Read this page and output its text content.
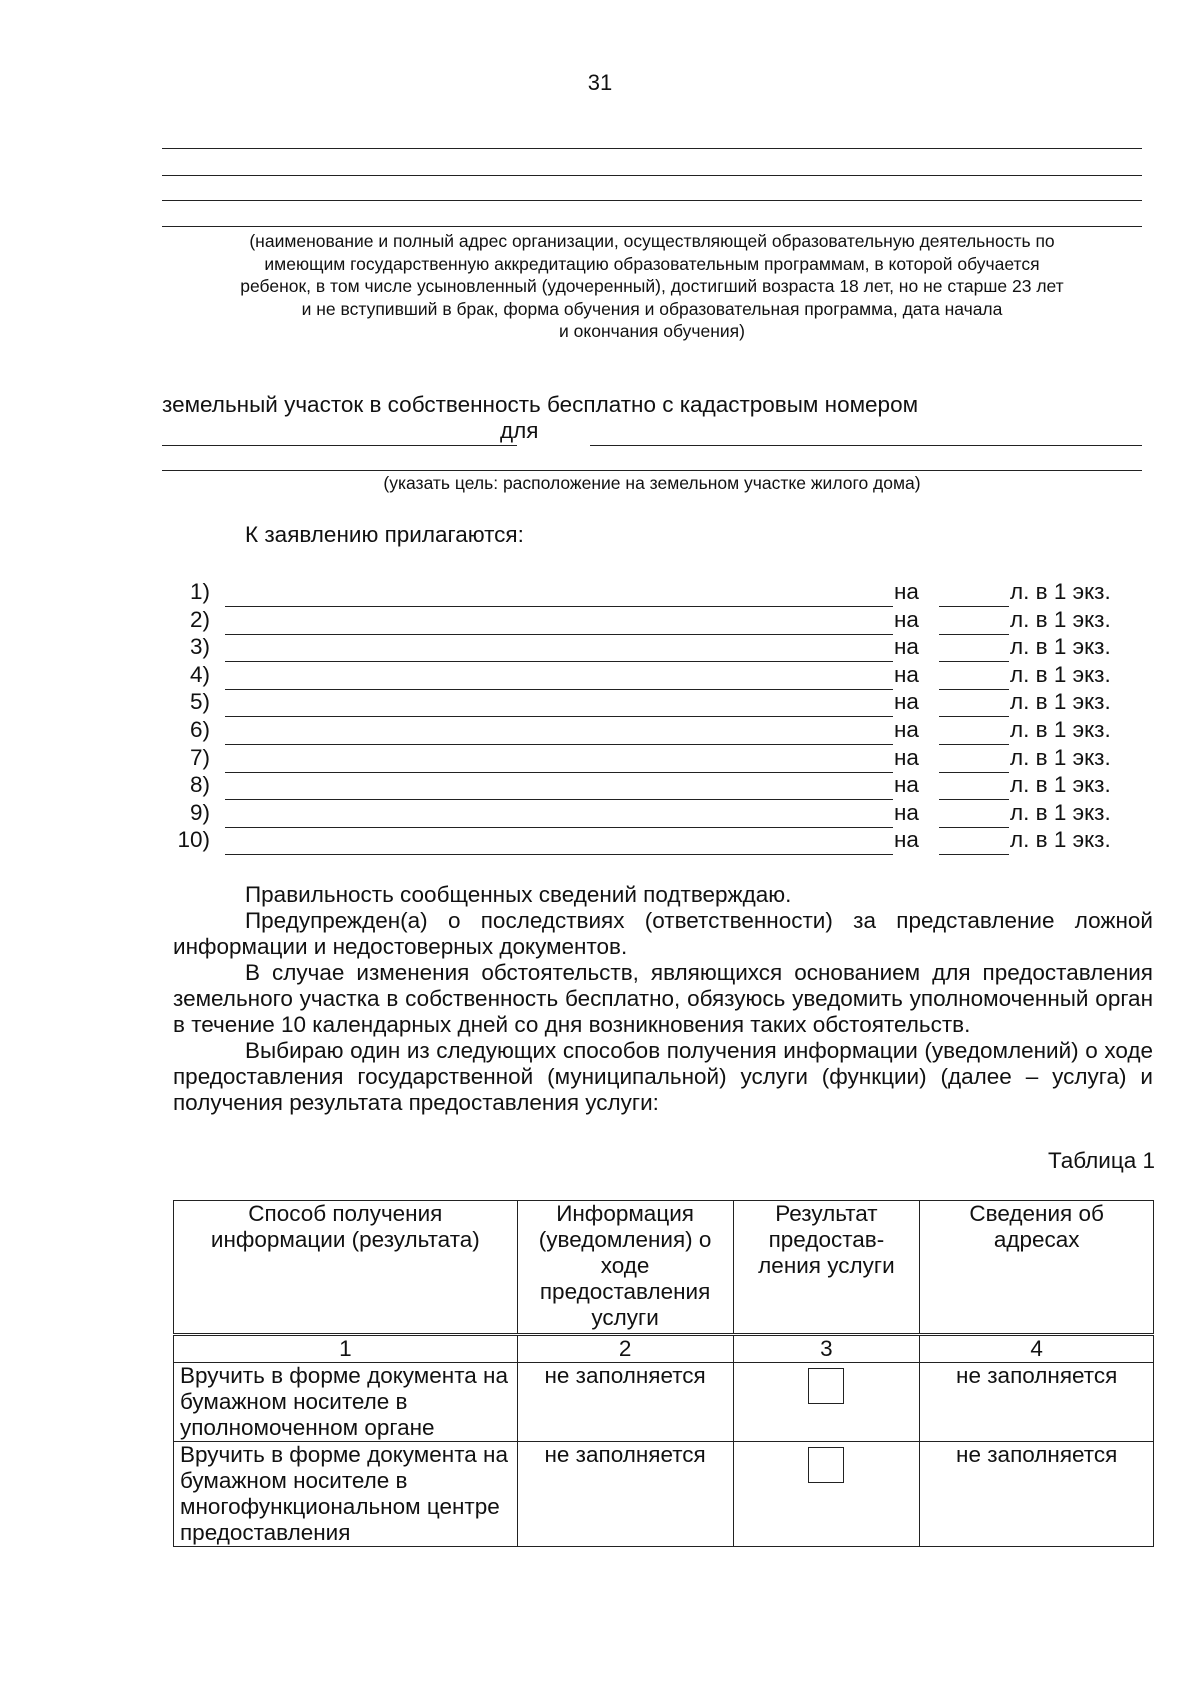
31
(наименование и полный адрес организации, осуществляющей образовательную деятельность по
имеющим государственную аккредитацию образовательным программам, в которой обучается
ребенок, в том числе усыновленный (удочеренный), достигший возраста 18 лет, но не старше 23 лет
и не вступивший в брак, форма обучения и образовательная программа, дата начала
и окончания обучения)
земельный участок в собственность бесплатно с кадастровым номером
для
(указать цель: расположение на земельном участке жилого дома)
К заявлению прилагаются:
1)	на	л. в 1 экз.
2)	на	л. в 1 экз.
3)	на	л. в 1 экз.
4)	на	л. в 1 экз.
5)	на	л. в 1 экз.
6)	на	л. в 1 экз.
7)	на	л. в 1 экз.
8)	на	л. в 1 экз.
9)	на	л. в 1 экз.
10)	на	л. в 1 экз.

Правильность сообщенных сведений подтверждаю.

Предупрежден(а) о последствиях (ответственности) за представление ложной информации и недостоверных документов.

В случае изменения обстоятельств, являющихся основанием для предоставления земельного участка в собственность бесплатно, обязуюсь уведомить уполномоченный орган в течение 10 календарных дней со дня возникновения таких обстоятельств.

Выбираю один из следующих способов получения информации (уведомлений) о ходе предоставления государственной (муниципальной) услуги (функции) (далее – услуга) и получения результата предоставления услуги:

Таблица 1
Способ получения информации (результата)	Информация (уведомления) о ходе предоставления услуги	Результат предостав-ления услуги	Сведения об адресах
1	2	3	4
Вручить в форме документа на бумажном носителе в уполномоченном органе	не заполняется		не заполняется
Вручить в форме документа на бумажном носителе в многофункциональном центре предоставления	не заполняется		не заполняется
